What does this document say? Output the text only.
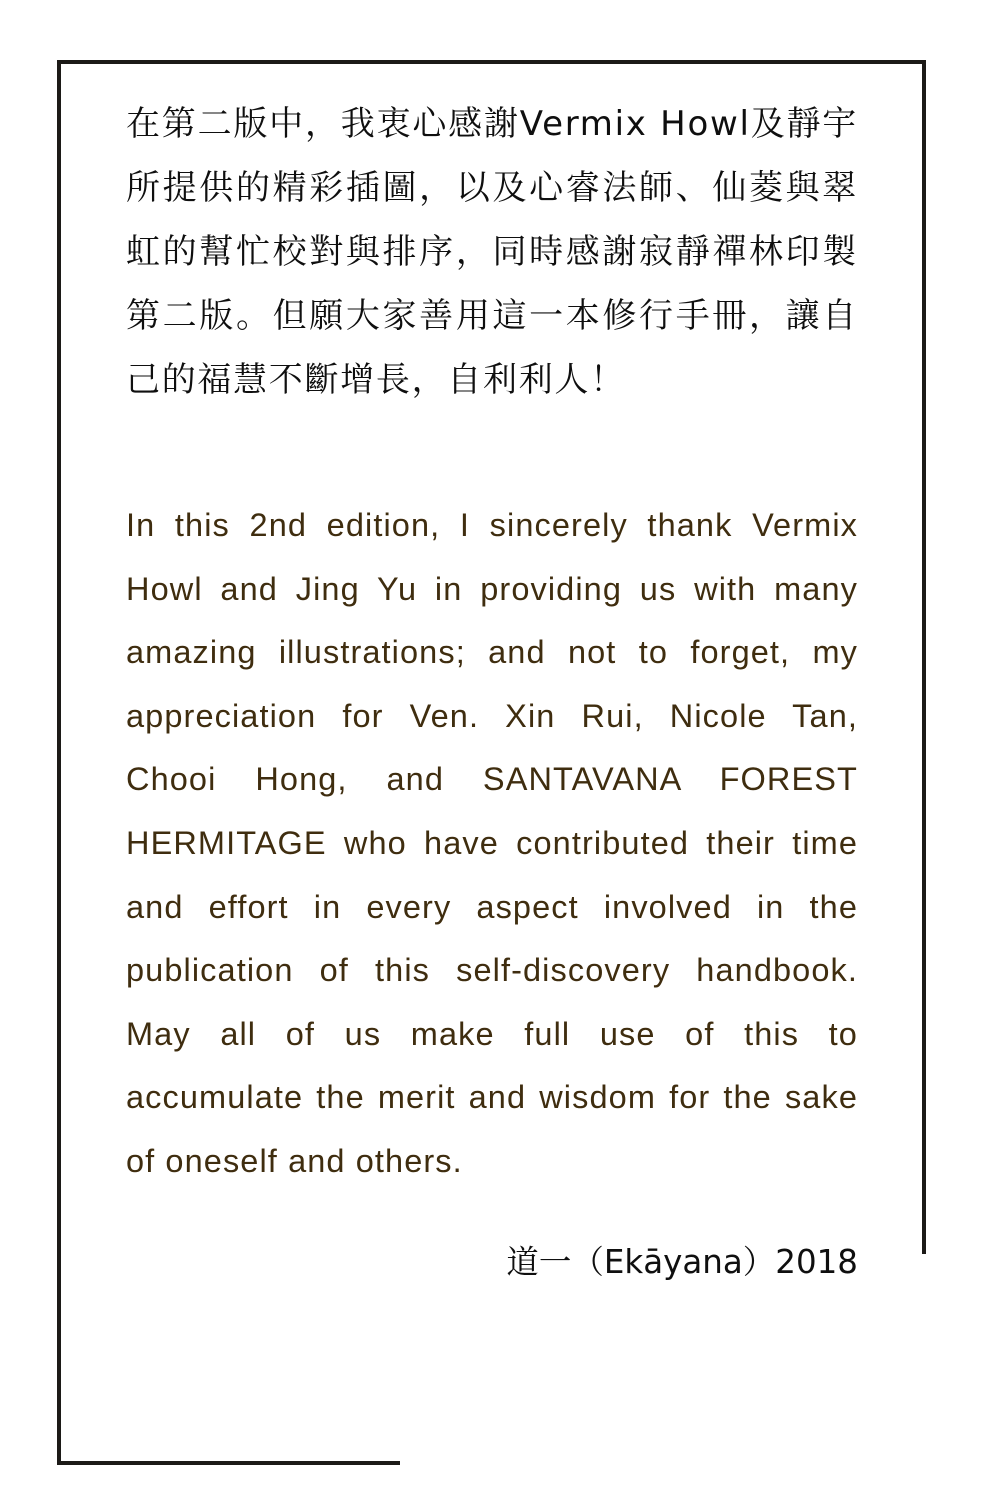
在第二版中，我衷心感謝Vermix Howl及靜宇所提供的精彩插圖，以及心睿法師、仙菱與翠虹的幫忙校對與排序，同時感謝寂靜禪林印製第二版。但願大家善用這一本修行手冊，讓自己的福慧不斷增長，自利利人！

In this 2nd edition, I sincerely thank Vermix Howl and Jing Yu in providing us with many amazing illustrations; and not to forget, my appreciation for Ven. Xin Rui, Nicole Tan, Chooi Hong, and SANTAVANA FOREST HERMITAGE who have contributed their time and effort in every aspect involved in the publication of this self-discovery handbook. May all of us make full use of this to accumulate the merit and wisdom for the sake of oneself and others.

道一（Ekāyana）2018
